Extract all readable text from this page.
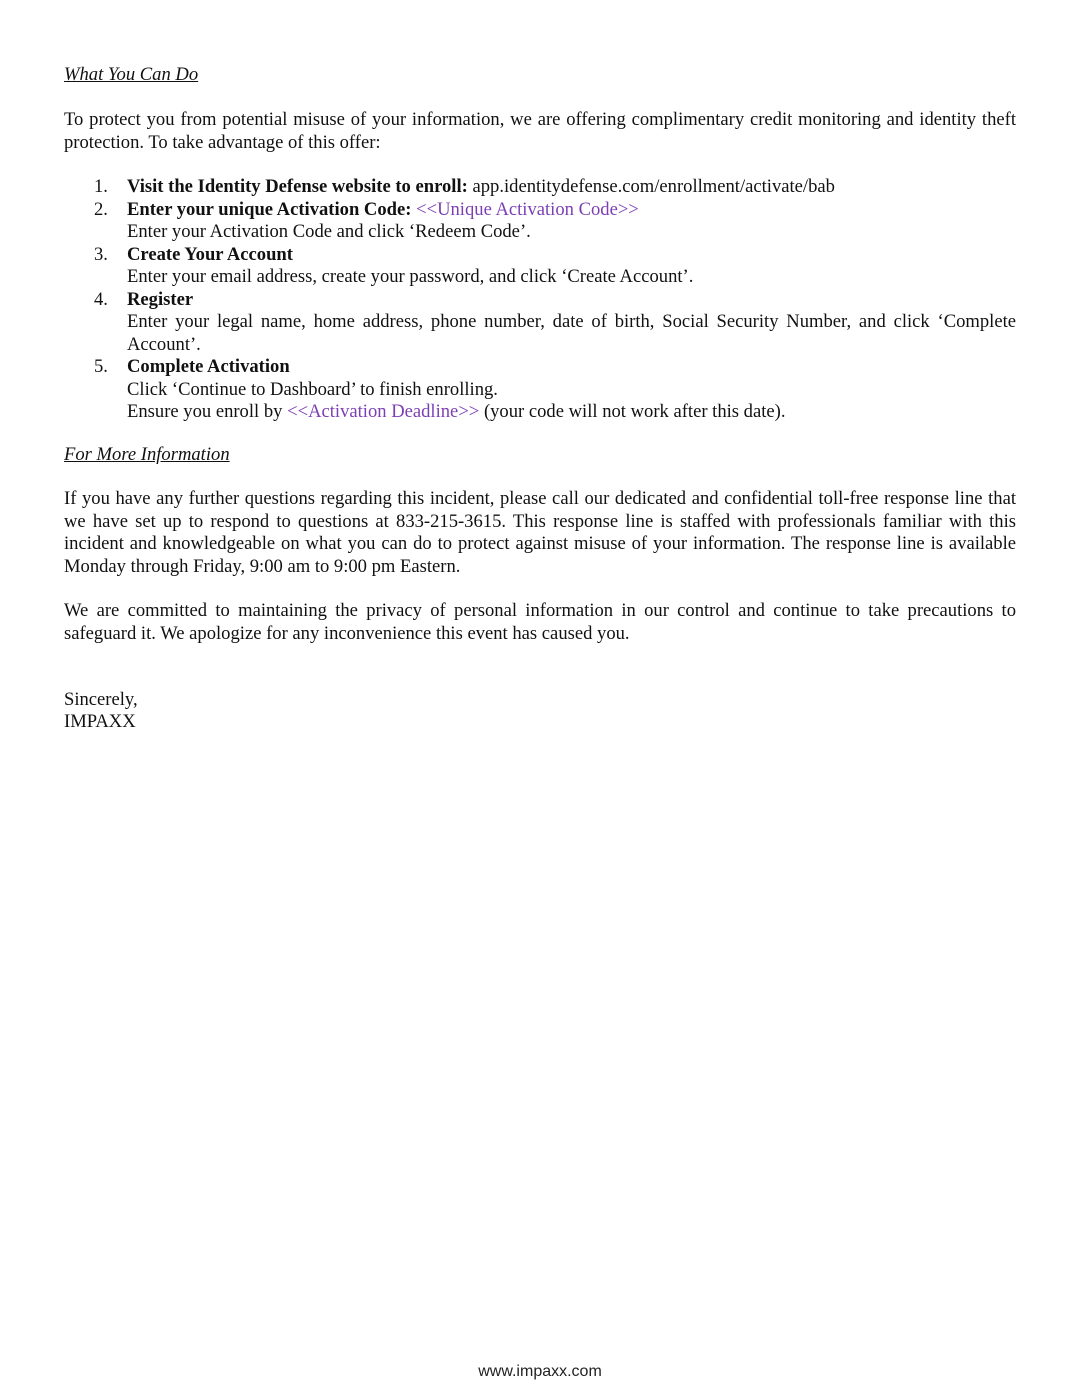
What You Can Do

To protect you from potential misuse of your information, we are offering complimentary credit monitoring and identity theft protection. To take advantage of this offer:

1. Visit the Identity Defense website to enroll: app.identitydefense.com/enrollment/activate/bab
2. Enter your unique Activation Code: <<Unique Activation Code>>
Enter your Activation Code and click ‘Redeem Code’.
3. Create Your Account
Enter your email address, create your password, and click ‘Create Account’.
4. Register
Enter your legal name, home address, phone number, date of birth, Social Security Number, and click ‘Complete Account’.
5. Complete Activation
Click ‘Continue to Dashboard’ to finish enrolling.
Ensure you enroll by <<Activation Deadline>> (your code will not work after this date).
For More Information

If you have any further questions regarding this incident, please call our dedicated and confidential toll-free response line that we have set up to respond to questions at 833-215-3615. This response line is staffed with professionals familiar with this incident and knowledgeable on what you can do to protect against misuse of your information. The response line is available Monday through Friday, 9:00 am to 9:00 pm Eastern.

We are committed to maintaining the privacy of personal information in our control and continue to take precautions to safeguard it. We apologize for any inconvenience this event has caused you.

Sincerely,
IMPAXX
www.impaxx.com
